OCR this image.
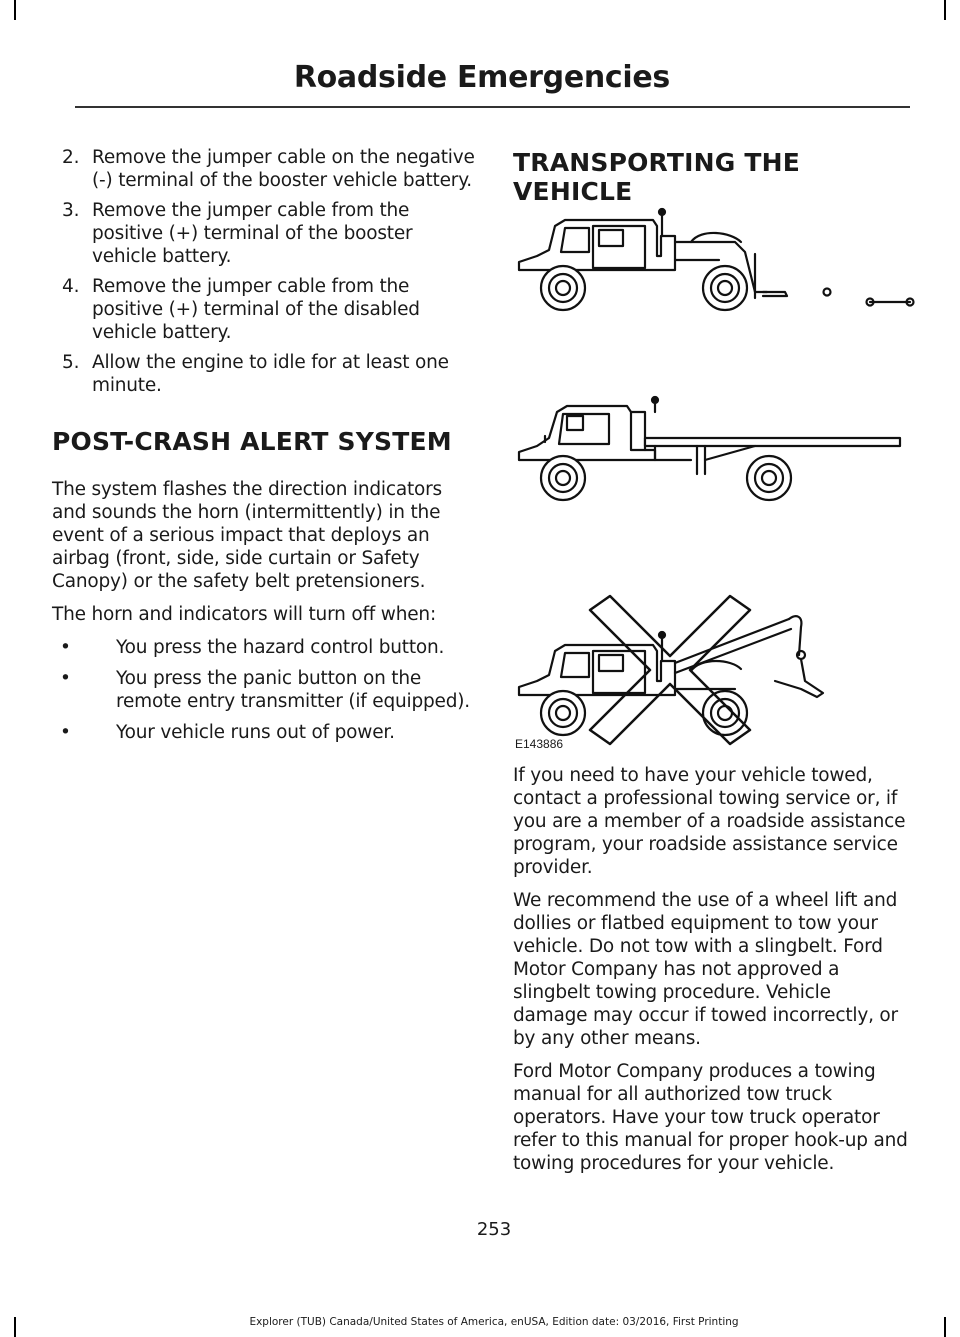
Roadside Emergencies
2. Remove the jumper cable on the negative (-) terminal of the booster vehicle battery.
3. Remove the jumper cable from the positive (+) terminal of the booster vehicle battery.
4. Remove the jumper cable from the positive (+) terminal of the disabled vehicle battery.
5. Allow the engine to idle for at least one minute.
POST-CRASH ALERT SYSTEM

The system flashes the direction indicators and sounds the horn (intermittently) in the event of a serious impact that deploys an airbag (front, side, side curtain or Safety Canopy) or the safety belt pretensioners.

The horn and indicators will turn off when:

•	You press the hazard control button.
•	You press the panic button on the remote entry transmitter (if equipped).
•	Your vehicle runs out of power.
TRANSPORTING THE VEHICLE
E143886

If you need to have your vehicle towed, contact a professional towing service or, if you are a member of a roadside assistance program, your roadside assistance service provider.

We recommend the use of a wheel lift and dollies or flatbed equipment to tow your vehicle. Do not tow with a slingbelt. Ford Motor Company has not approved a slingbelt towing procedure. Vehicle damage may occur if towed incorrectly, or by any other means.

Ford Motor Company produces a towing manual for all authorized tow truck operators. Have your tow truck operator refer to this manual for proper hook-up and towing procedures for your vehicle.

253
Explorer (TUB) Canada/United States of America, enUSA, Edition date: 03/2016, First Printing
